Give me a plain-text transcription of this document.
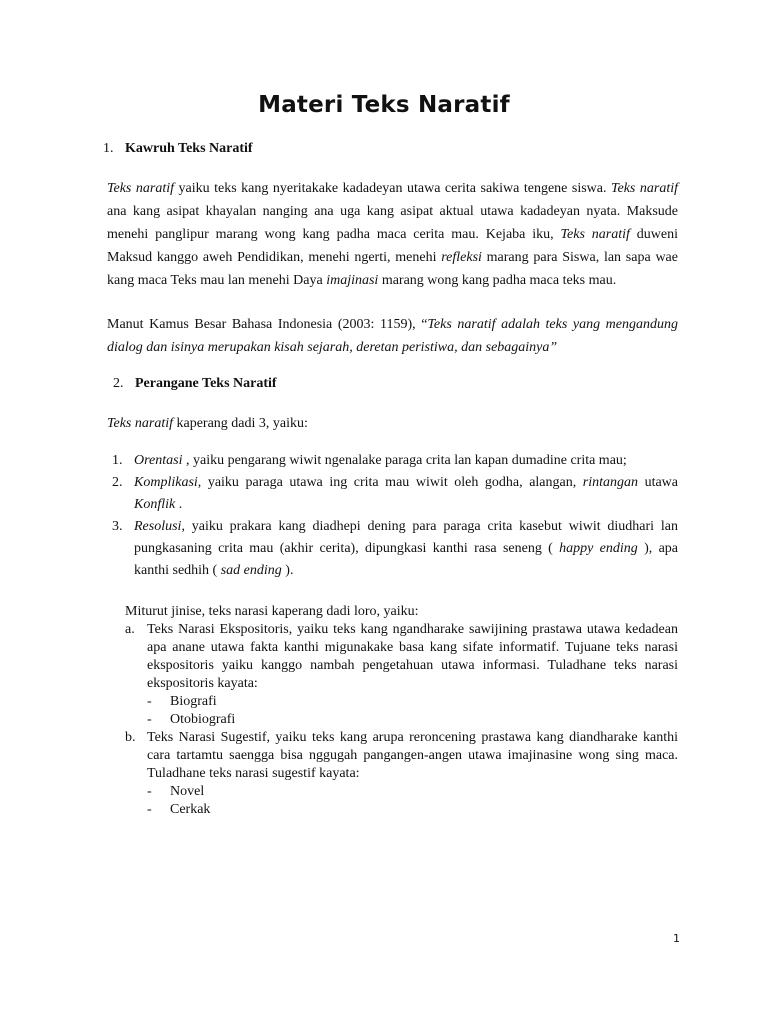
Materi Teks Naratif
1. Kawruh Teks Naratif
Teks naratif yaiku teks kang nyeritakake kadadeyan utawa cerita sakiwa tengene siswa. Teks naratif ana kang asipat khayalan nanging ana uga kang asipat aktual utawa kadadeyan nyata. Maksude menehi panglipur marang wong kang padha maca cerita mau. Kejaba iku, Teks naratif duweni Maksud kanggo aweh Pendidikan, menehi ngerti, menehi refleksi marang para Siswa, lan sapa wae kang maca Teks mau lan menehi Daya imajinasi marang wong kang padha maca teks mau.
Manut Kamus Besar Bahasa Indonesia (2003: 1159), “Teks naratif adalah teks yang mengandung dialog dan isinya merupakan kisah sejarah, deretan peristiwa, dan sebagainya”
2. Perangane Teks Naratif
Teks naratif kaperang dadi 3, yaiku:
1. Orentasi , yaiku pengarang wiwit ngenalake paraga crita lan kapan dumadine crita mau;
2. Komplikasi, yaiku paraga utawa ing crita mau wiwit oleh godha, alangan, rintangan utawa Konflik .
3. Resolusi, yaiku prakara kang diadhepi dening para paraga crita kasebut wiwit diudhari lan pungkasaning crita mau (akhir cerita), dipungkasi kanthi rasa seneng ( happy ending ), apa kanthi sedhih ( sad ending ).
Miturut jinise, teks narasi kaperang dadi loro, yaiku:
a. Teks Narasi Ekspositoris, yaiku teks kang ngandharake sawijining prastawa utawa kedadean apa anane utawa fakta kanthi migunakake basa kang sifate informatif. Tujuane teks narasi ekspositoris yaiku kanggo nambah pengetahuan utawa informasi. Tuladhane teks narasi ekspositoris kayata:
- Biografi
- Otobiografi
b. Teks Narasi Sugestif, yaiku teks kang arupa reroncening prastawa kang diandharake kanthi cara tartamtu saengga bisa nggugah pangangen-angen utawa imajinasine wong sing maca. Tuladhane teks narasi sugestif kayata:
- Novel
- Cerkak
1
